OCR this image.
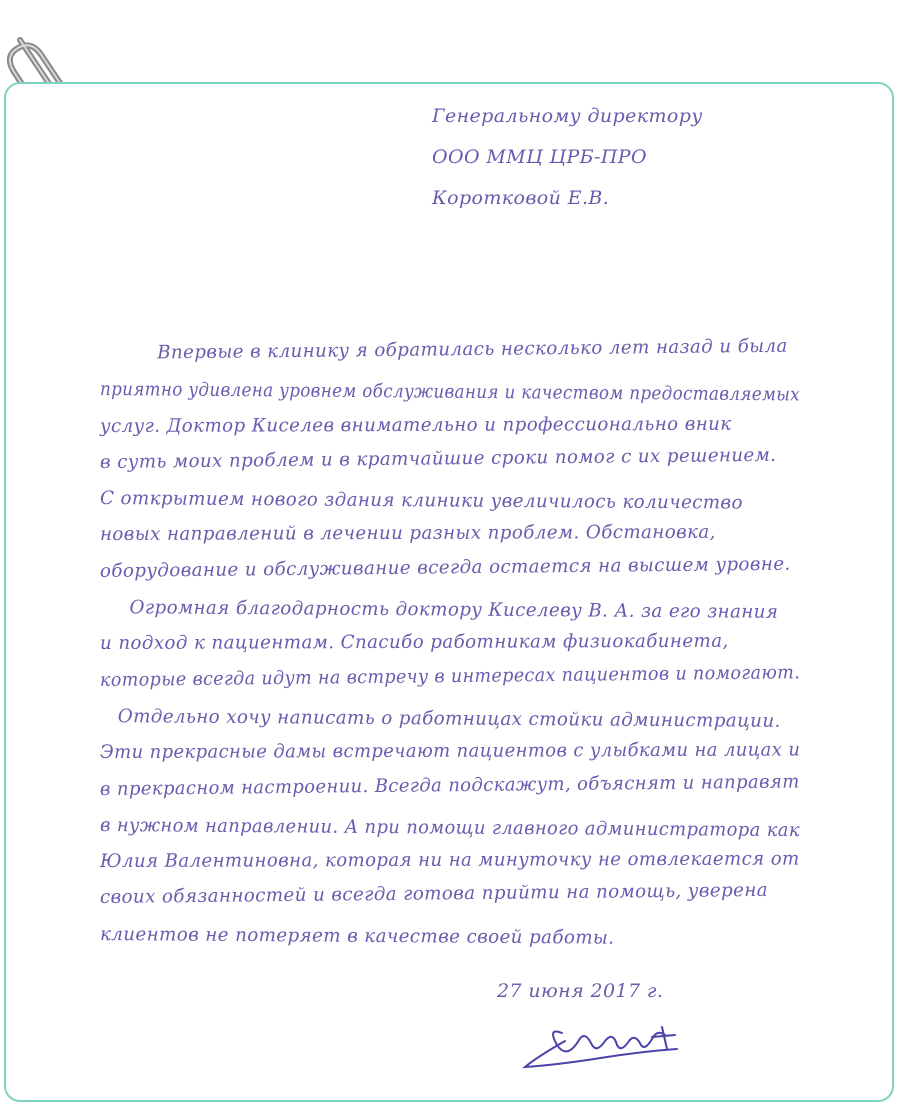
Генеральному директору
ООО ММЦ ЦРБ-ПРО
Коротковой Е.В.
Впервые в клинику я обратилась несколько лет назад и была
приятно удивлена уровнем обслуживания и качеством предоставляемых
услуг. Доктор Киселев внимательно и профессионально вник
в суть моих проблем и в кратчайшие сроки помог с их решением.
С открытием нового здания клиники увеличилось количество
новых направлений в лечении разных проблем. Обстановка,
оборудование и обслуживание всегда остается на высшем уровне.
Огромная благодарность доктору Киселеву В. А. за его знания
и подход к пациентам. Спасибо работникам физиокабинета,
которые всегда идут на встречу в интересах пациентов и помогают.
Отдельно хочу написать о работницах стойки администрации.
Эти прекрасные дамы встречают пациентов с улыбками на лицах и
в прекрасном настроении. Всегда подскажут, объяснят и направят
в нужном направлении. А при помощи главного администратора как
Юлия Валентиновна, которая ни на минуточку не отвлекается от
своих обязанностей и всегда готова прийти на помощь, уверена
клиентов не потеряет в качестве своей работы.
27 июня 2017 г.
